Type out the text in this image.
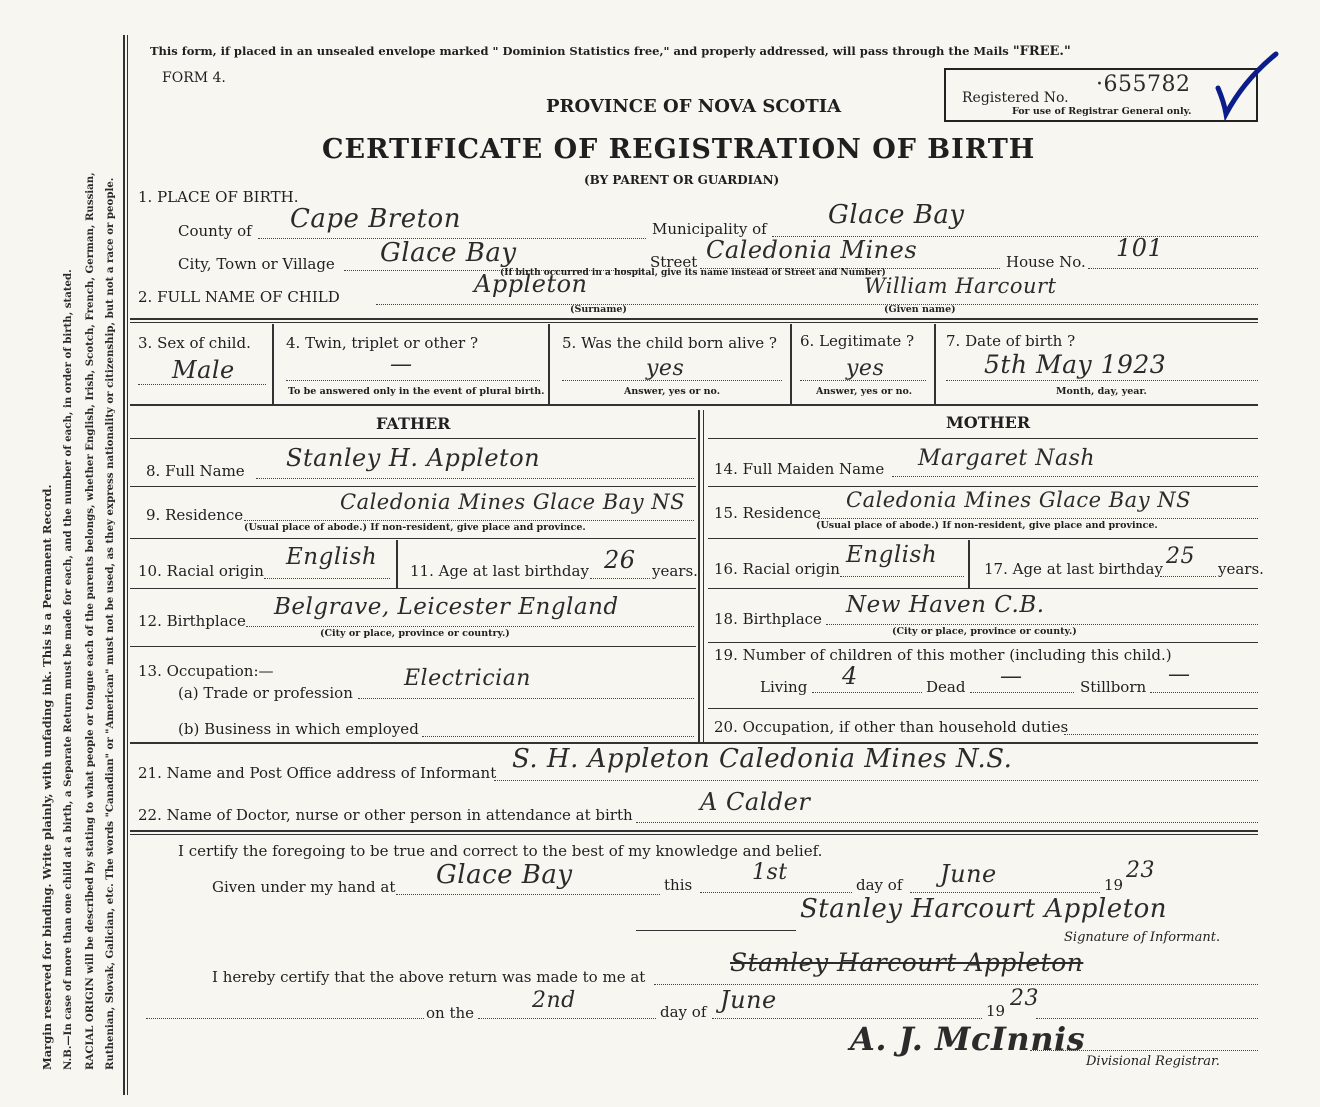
Margin reserved for binding. Write plainly, with unfading ink. This is a Permanent Record. N.B.—In case of more than one child at a birth, a Separate Return must be made for each, and the number of each, in order of birth, stated. RACIAL ORIGIN will be described by stating to what people or tongue each of the parents belongs, whether English, Irish, Scotch, French, German, Russian, Ruthenian, Slovak, Galician, etc. The words "Canadian" or "American" must not be used, as they express nationality or citizenship, but not a race or people.
This form, if placed in an unsealed envelope marked " Dominion Statistics free," and properly addressed, will pass through the Mails "FREE."
FORM 4.
PROVINCE OF NOVA SCOTIA
CERTIFICATE OF REGISTRATION OF BIRTH
(BY PARENT OR GUARDIAN)
Registered No.
·655782
For use of Registrar General only.
1. PLACE OF BIRTH.
County of Cape Breton	Municipality of Glace Bay
City, Town or Village Glace Bay	Street Caledonia Mines	House No. 101
(If birth occurred in a hospital, give its name instead of Street and Number)
2. FULL NAME OF CHILD	Appleton	William Harcourt
(Surname)	(Given name)
3. Sex of child.
Male
4. Twin, triplet or other ?
—
To be answered only in the event of plural birth.
5. Was the child born alive ?
yes
Answer, yes or no.
6. Legitimate ?
yes
Answer, yes or no.
7. Date of birth ?
5th May 1923
Month, day, year.
FATHER	MOTHER
8. Full Name Stanley H. Appleton
9. Residence
Caledonia Mines Glace Bay NS
(Usual place of abode.) If non-resident, give place and province.
10. Racial origin
English
11. Age at last birthday 26 years.
12. Birthplace
Belgrave, Leicester England
(City or place, province or country.)
13. Occupation:—
(a) Trade or profession
Electrician
(b) Business in which employed
14. Full Maiden Name Margaret Nash
15. Residence
Caledonia Mines Glace Bay NS
(Usual place of abode.) If non-resident, give place and province.
16. Racial origin
English
17. Age at last birthday 25 years.
18. Birthplace
New Haven C.B.
(City or place, province or county.)
19. Number of children of this mother (including this child.)
Living 4	Dead —	Stillborn —
20. Occupation, if other than household duties
21. Name and Post Office address of Informant S. H. Appleton Caledonia Mines N.S.
22. Name of Doctor, nurse or other person in attendance at birth	A Calder
I certify the foregoing to be true and correct to the best of my knowledge and belief.
Given under my hand at Glace Bay	this	1st	day of June	19
23
Stanley Harcourt Appleton
Signature of Informant.
I hereby certify that the above return was made to me at	Stanley Harcourt Appleton
on the	2nd	day of June	19 23
A. J. McInnis
Divisional Registrar.
